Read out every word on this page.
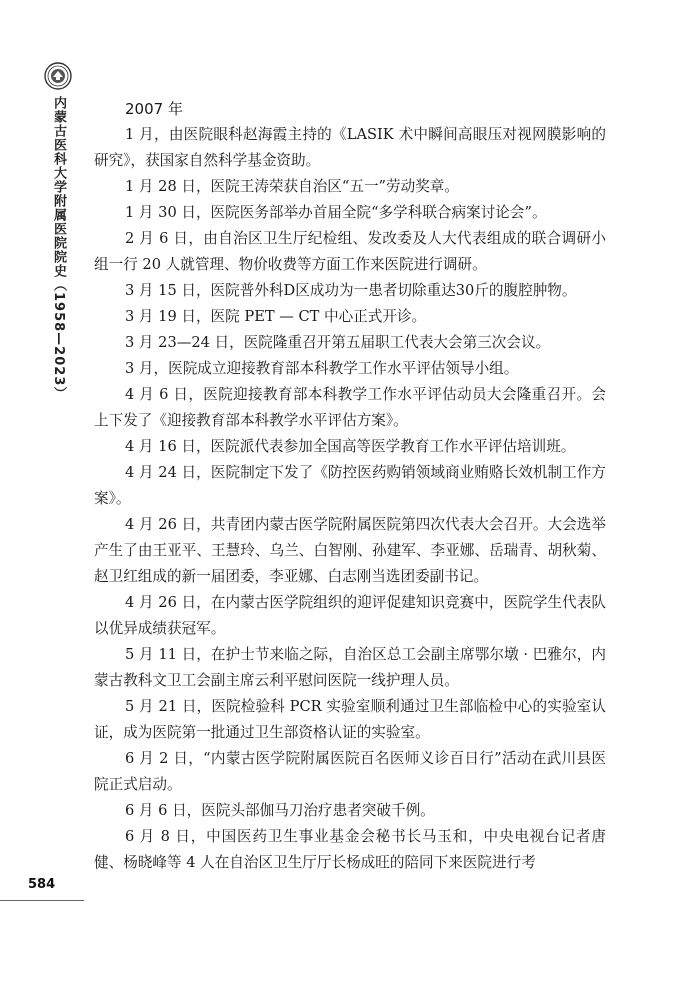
内蒙古医科大学附属医院院史（1958—2023）
584
2007 年

1 月，由医院眼科赵海霞主持的《LASIK 术中瞬间高眼压对视网膜影响的研究》，获国家自然科学基金资助。

1 月 28 日，医院王涛荣获自治区“五一”劳动奖章。

1 月 30 日，医院医务部举办首届全院“多学科联合病案讨论会”。

2 月 6 日，由自治区卫生厅纪检组、发改委及人大代表组成的联合调研小组一行 20 人就管理、物价收费等方面工作来医院进行调研。

3 月 15 日，医院普外科D区成功为一患者切除重达30斤的腹腔肿物。

3 月 19 日，医院 PET — CT 中心正式开诊。

3 月 23—24 日，医院隆重召开第五届职工代表大会第三次会议。

3 月，医院成立迎接教育部本科教学工作水平评估领导小组。

4 月 6 日，医院迎接教育部本科教学工作水平评估动员大会隆重召开。会上下发了《迎接教育部本科教学水平评估方案》。

4 月 16 日，医院派代表参加全国高等医学教育工作水平评估培训班。

4 月 24 日，医院制定下发了《防控医药购销领域商业贿赂长效机制工作方案》。

4 月 26 日，共青团内蒙古医学院附属医院第四次代表大会召开。大会选举产生了由王亚平、王慧玲、乌兰、白智刚、孙建军、李亚娜、岳瑞青、胡秋菊、赵卫红组成的新一届团委，李亚娜、白志刚当选团委副书记。

4 月 26 日，在内蒙古医学院组织的迎评促建知识竞赛中，医院学生代表队以优异成绩获冠军。

5 月 11 日，在护士节来临之际，自治区总工会副主席鄂尔墩 · 巴雅尔，内蒙古教科文卫工会副主席云利平慰问医院一线护理人员。

5 月 21 日，医院检验科 PCR 实验室顺利通过卫生部临检中心的实验室认证，成为医院第一批通过卫生部资格认证的实验室。

6 月 2 日，“内蒙古医学院附属医院百名医师义诊百日行”活动在武川县医院正式启动。

6 月 6 日，医院头部伽马刀治疗患者突破千例。

6 月 8 日，中国医药卫生事业基金会秘书长马玉和，中央电视台记者唐健、杨晓峰等 4 人在自治区卫生厅厅长杨成旺的陪同下来医院进行考
